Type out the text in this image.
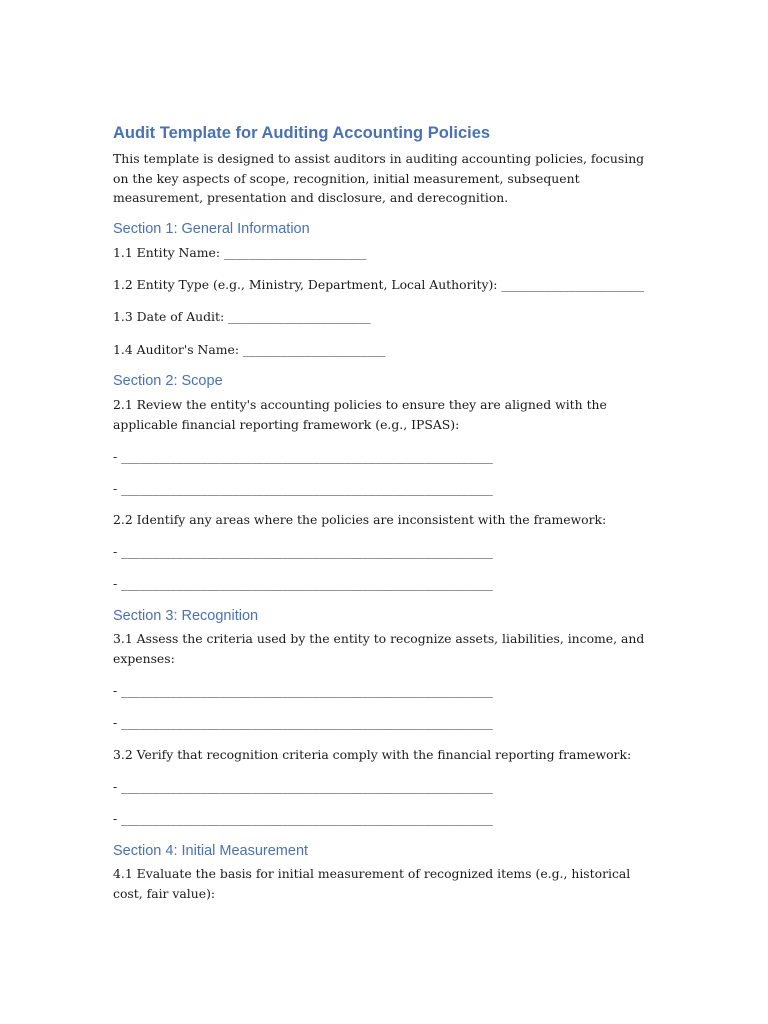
Audit Template for Auditing Accounting Policies
This template is designed to assist auditors in auditing accounting policies, focusing on the key aspects of scope, recognition, initial measurement, subsequent measurement, presentation and disclosure, and derecognition.
Section 1: General Information
1.1 Entity Name: _______________________
1.2 Entity Type (e.g., Ministry, Department, Local Authority): _______________________
1.3 Date of Audit: _______________________
1.4 Auditor's Name: _______________________
Section 2: Scope
2.1 Review the entity's accounting policies to ensure they are aligned with the applicable financial reporting framework (e.g., IPSAS):
- ____________________________________________________________
- ____________________________________________________________
2.2 Identify any areas where the policies are inconsistent with the framework:
- ____________________________________________________________
- ____________________________________________________________
Section 3: Recognition
3.1 Assess the criteria used by the entity to recognize assets, liabilities, income, and expenses:
- ____________________________________________________________
- ____________________________________________________________
3.2 Verify that recognition criteria comply with the financial reporting framework:
- ____________________________________________________________
- ____________________________________________________________
Section 4: Initial Measurement
4.1 Evaluate the basis for initial measurement of recognized items (e.g., historical cost, fair value):
